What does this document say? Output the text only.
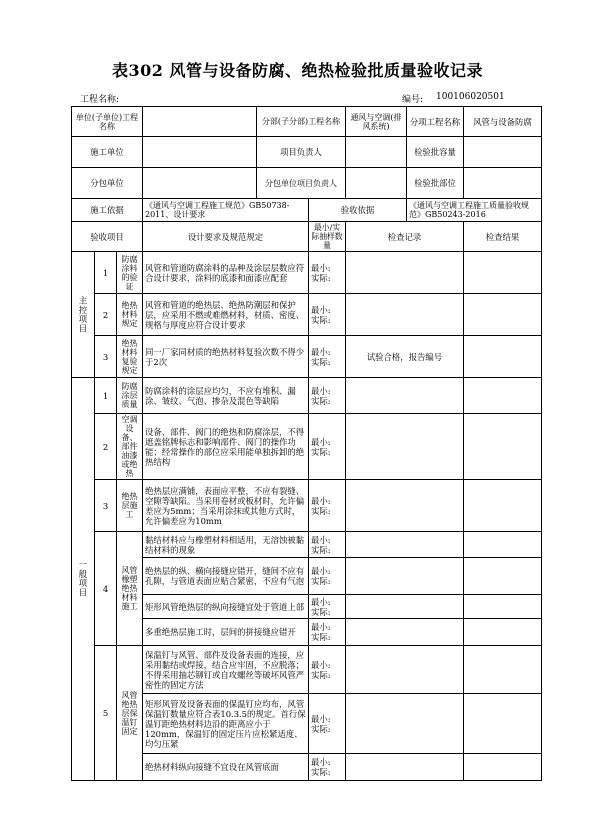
表302 风管与设备防腐、绝热检验批质量验收记录
工程名称:	编号: 100106020501
单位(子单位)工程名称				分部(子分部)工程名称		通风与空调(排风系统)	分项工程名称	风管与设备防腐
施工单位				项目负责人			检验批容量	
分包单位				分包单位项目负责人			检验批部位	
施工依据			《通风与空调工程施工规范》GB50738-2011、设计要求		验收依据		《通风与空调工程施工质量验收规范》GB50243-2016	
验收项目			设计要求及规范规定		最小/实际抽样数量	检查记录		检查结果
主控项目	1	防腐涂料的验证	风管和管道防腐涂料的品种及涂层层数应符合设计要求，涂料的底漆和面漆应配套		最小:
实际:			

	2	绝热材料规定	风管和管道的绝热层、绝热防潮层和保护层，应采用不燃或难燃材料，材质、密度、规格与厚度应符合设计要求		最小:
实际:			

	3	绝热材料复验规定	同一厂家同材质的绝热材料复验次数不得少于2次		最小:
实际:	试验合格，报告编号		
一般项目	1	防腐涂层质量	防腐涂料的涂层应均匀，不应有堆积、漏涂、皱纹、气泡、掺杂及混色等缺陷		最小:
实际:			

	2	空调设备、部件油漆或绝热	设备、部件、阀门的绝热和防腐涂层，不得遮盖铭牌标志和影响部件、阀门的操作功能；经常操作的部位应采用能单独拆卸的绝热结构		最小:
实际:			

	3	绝热层施工	绝热层应满铺，表面应平整，不应有裂缝、空隙等缺陷。当采用卷材或板材时，允许偏差应为5mm；当采用涂抹或其他方式时，允许偏差应为10mm		最小:
实际:			

	4	风管橡塑绝热材料施工	黏结材料应与橡塑材料相适用，无溶蚀被黏结材料的现象		最小:
实际:			

			绝热层的纵、横向接缝应错开，缝间不应有孔隙，与管道表面应贴合紧密，不应有气泡		最小:
实际:			

			矩形风管绝热层的纵向接缝宜处于管道上部		最小:
实际:			

			多重绝热层施工时，层间的拼接缝应错开		最小:
实际:			

	5	风管绝热层保温钉固定	保温钉与风管、部件及设备表面的连接，应采用黏结或焊接，结合应牢固，不应脱落；不得采用抽芯铆钉或自攻螺丝等破坏风管严密性的固定方法		最小:
实际:			

			矩形风管及设备表面的保温钉应均布，风管保温钉数量应符合表10.3.5的规定。首行保温钉距绝热材料边沿的距离应小于120mm，保温钉的固定压片应松紧适度、均匀压紧		最小:
实际:			

			绝热材料纵向接缝不宜设在风管底面		最小:
实际:			
